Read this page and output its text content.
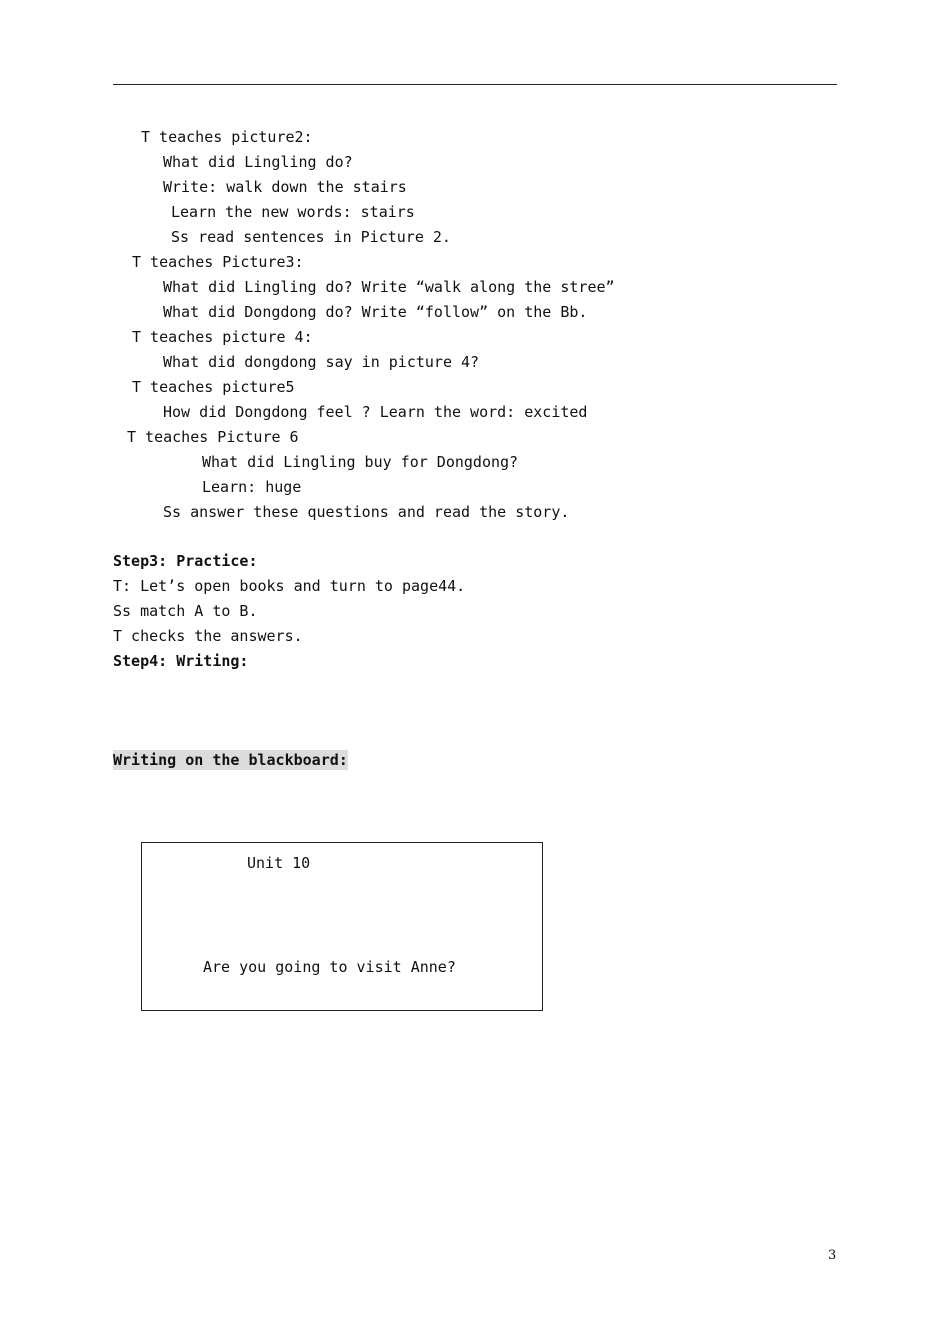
T teaches picture2:
What did Lingling do?
Write: walk down the stairs
Learn the new words: stairs
Ss read sentences in Picture 2.
T teaches Picture3:
What did Lingling do? Write “walk along the stree”
What did Dongdong do? Write “follow” on the Bb.
T teaches picture 4:
What did dongdong say in picture 4?
T teaches picture5
How did Dongdong feel ? Learn the word: excited
T teaches Picture 6
What did Lingling buy for Dongdong?
Learn: huge
Ss answer these questions and read the story.
Step3: Practice:
T: Let’s open books and turn to page44.
Ss match A to B.
T checks the answers.
Step4: Writing:
Writing on the blackboard:
Unit 10
Are you going to visit Anne?
3
